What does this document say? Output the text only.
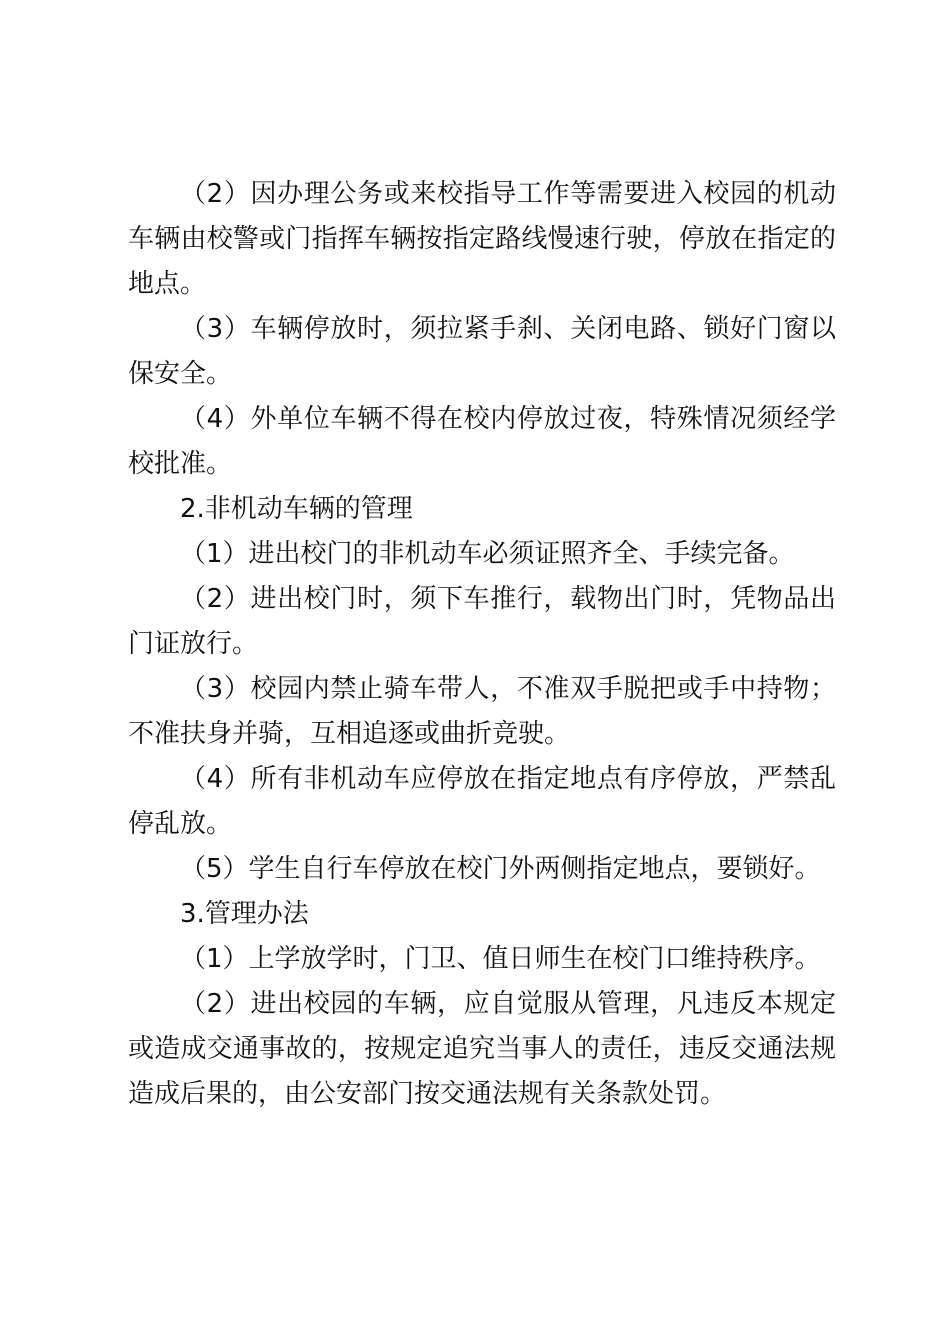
（2）因办理公务或来校指导工作等需要进入校园的机动车辆由校警或门指挥车辆按指定路线慢速行驶，停放在指定的地点。

（3）车辆停放时，须拉紧手刹、关闭电路、锁好门窗以保安全。

（4）外单位车辆不得在校内停放过夜，特殊情况须经学校批准。

2.非机动车辆的管理

（1）进出校门的非机动车必须证照齐全、手续完备。

（2）进出校门时，须下车推行，载物出门时，凭物品出门证放行。

（3）校园内禁止骑车带人，不准双手脱把或手中持物；不准扶身并骑，互相追逐或曲折竞驶。

（4）所有非机动车应停放在指定地点有序停放，严禁乱停乱放。

（5）学生自行车停放在校门外两侧指定地点，要锁好。

3.管理办法

（1）上学放学时，门卫、值日师生在校门口维持秩序。

（2）进出校园的车辆，应自觉服从管理，凡违反本规定或造成交通事故的，按规定追究当事人的责任，违反交通法规造成后果的，由公安部门按交通法规有关条款处罚。
